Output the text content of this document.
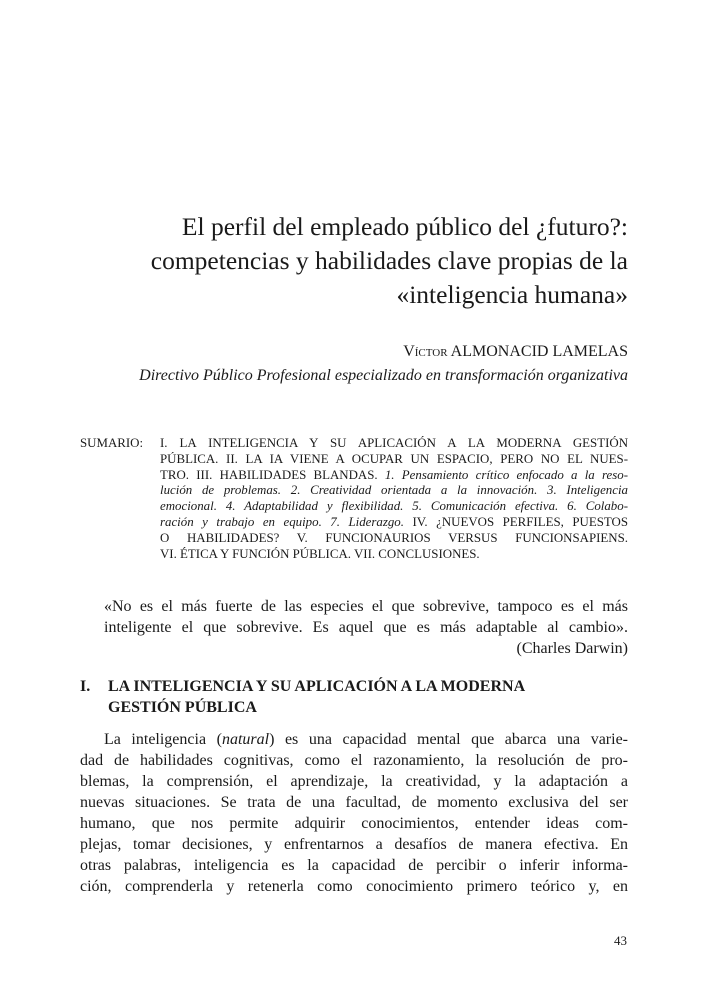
El perfil del empleado público del ¿futuro?:
competencias y habilidades clave propias de la
«inteligencia humana»
Víctor ALMONACID LAMELAS
Directivo Público Profesional especializado en transformación organizativa
SUMARIO: I. LA INTELIGENCIA Y SU APLICACIÓN A LA MODERNA GESTIÓN
PÚBLICA. II. LA IA VIENE A OCUPAR UN ESPACIO, PERO NO EL NUES-
TRO. III. HABILIDADES BLANDAS. 1. Pensamiento crítico enfocado a la reso-
lución de problemas. 2. Creatividad orientada a la innovación. 3. Inteligencia
emocional. 4. Adaptabilidad y flexibilidad. 5. Comunicación efectiva. 6. Colabo-
ración y trabajo en equipo. 7. Liderazgo. IV. ¿NUEVOS PERFILES, PUESTOS
O HABILIDADES? V. FUNCIONAURIOS VERSUS FUNCIONSAPIENS.
VI. ÉTICA Y FUNCIÓN PÚBLICA. VII. CONCLUSIONES.
«No es el más fuerte de las especies el que sobrevive, tampoco es el más
inteligente el que sobrevive. Es aquel que es más adaptable al cambio».
(Charles Darwin)
I. LA INTELIGENCIA Y SU APLICACIÓN A LA MODERNA
GESTIÓN PÚBLICA
La inteligencia (natural) es una capacidad mental que abarca una varie-
dad de habilidades cognitivas, como el razonamiento, la resolución de pro-
blemas, la comprensión, el aprendizaje, la creatividad, y la adaptación a
nuevas situaciones. Se trata de una facultad, de momento exclusiva del ser
humano, que nos permite adquirir conocimientos, entender ideas com-
plejas, tomar decisiones, y enfrentarnos a desafíos de manera efectiva. En
otras palabras, inteligencia es la capacidad de percibir o inferir informa-
ción, comprenderla y retenerla como conocimiento primero teórico y, en
43
